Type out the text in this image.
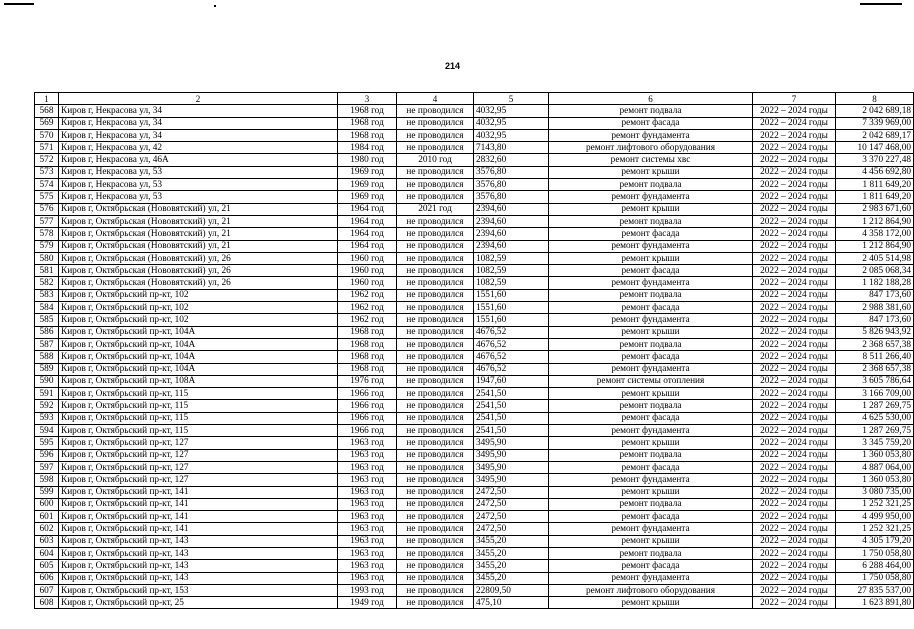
214
1	2	3	4	5	6	7	8
568	Киров г, Некрасова ул, 34	1968 год	не проводился	4032,95	ремонт подвала	2022 – 2024 годы	2 042 689,18
569	Киров г, Некрасова ул, 34	1968 год	не проводился	4032,95	ремонт фасада	2022 – 2024 годы	7 339 969,00
570	Киров г, Некрасова ул, 34	1968 год	не проводился	4032,95	ремонт фундамента	2022 – 2024 годы	2 042 689,17
571	Киров г, Некрасова ул, 42	1984 год	не проводился	7143,80	ремонт лифтового оборудования	2022 – 2024 годы	10 147 468,00
572	Киров г, Некрасова ул, 46А	1980 год	2010 год	2832,60	ремонт системы хвс	2022 – 2024 годы	3 370 227,48
573	Киров г, Некрасова ул, 53	1969 год	не проводился	3576,80	ремонт крыши	2022 – 2024 годы	4 456 692,80
574	Киров г, Некрасова ул, 53	1969 год	не проводился	3576,80	ремонт подвала	2022 – 2024 годы	1 811 649,20
575	Киров г, Некрасова ул, 53	1969 год	не проводился	3576,80	ремонт фундамента	2022 – 2024 годы	1 811 649,20
576	Киров г, Октябрьская (Нововятский) ул, 21	1964 год	2021 год	2394,60	ремонт крыши	2022 – 2024 годы	2 983 671,60
577	Киров г, Октябрьская (Нововятский) ул, 21	1964 год	не проводился	2394,60	ремонт подвала	2022 – 2024 годы	1 212 864,90
578	Киров г, Октябрьская (Нововятский) ул, 21	1964 год	не проводился	2394,60	ремонт фасада	2022 – 2024 годы	4 358 172,00
579	Киров г, Октябрьская (Нововятский) ул, 21	1964 год	не проводился	2394,60	ремонт фундамента	2022 – 2024 годы	1 212 864,90
580	Киров г, Октябрьская (Нововятский) ул, 26	1960 год	не проводился	1082,59	ремонт крыши	2022 – 2024 годы	2 405 514,98
581	Киров г, Октябрьская (Нововятский) ул, 26	1960 год	не проводился	1082,59	ремонт фасада	2022 – 2024 годы	2 085 068,34
582	Киров г, Октябрьская (Нововятский) ул, 26	1960 год	не проводился	1082,59	ремонт фундамента	2022 – 2024 годы	1 182 188,28
583	Киров г, Октябрьский пр-кт, 102	1962 год	не проводился	1551,60	ремонт подвала	2022 – 2024 годы	847 173,60
584	Киров г, Октябрьский пр-кт, 102	1962 год	не проводился	1551,60	ремонт фасада	2022 – 2024 годы	2 988 381,60
585	Киров г, Октябрьский пр-кт, 102	1962 год	не проводился	1551,60	ремонт фундамента	2022 – 2024 годы	847 173,60
586	Киров г, Октябрьский пр-кт, 104А	1968 год	не проводился	4676,52	ремонт крыши	2022 – 2024 годы	5 826 943,92
587	Киров г, Октябрьский пр-кт, 104А	1968 год	не проводился	4676,52	ремонт подвала	2022 – 2024 годы	2 368 657,38
588	Киров г, Октябрьский пр-кт, 104А	1968 год	не проводился	4676,52	ремонт фасада	2022 – 2024 годы	8 511 266,40
589	Киров г, Октябрьский пр-кт, 104А	1968 год	не проводился	4676,52	ремонт фундамента	2022 – 2024 годы	2 368 657,38
590	Киров г, Октябрьский пр-кт, 108А	1976 год	не проводился	1947,60	ремонт системы отопления	2022 – 2024 годы	3 605 786,64
591	Киров г, Октябрьский пр-кт, 115	1966 год	не проводился	2541,50	ремонт крыши	2022 – 2024 годы	3 166 709,00
592	Киров г, Октябрьский пр-кт, 115	1966 год	не проводился	2541,50	ремонт подвала	2022 – 2024 годы	1 287 269,75
593	Киров г, Октябрьский пр-кт, 115	1966 год	не проводился	2541,50	ремонт фасада	2022 – 2024 годы	4 625 530,00
594	Киров г, Октябрьский пр-кт, 115	1966 год	не проводился	2541,50	ремонт фундамента	2022 – 2024 годы	1 287 269,75
595	Киров г, Октябрьский пр-кт, 127	1963 год	не проводился	3495,90	ремонт крыши	2022 – 2024 годы	3 345 759,20
596	Киров г, Октябрьский пр-кт, 127	1963 год	не проводился	3495,90	ремонт подвала	2022 – 2024 годы	1 360 053,80
597	Киров г, Октябрьский пр-кт, 127	1963 год	не проводился	3495,90	ремонт фасада	2022 – 2024 годы	4 887 064,00
598	Киров г, Октябрьский пр-кт, 127	1963 год	не проводился	3495,90	ремонт фундамента	2022 – 2024 годы	1 360 053,80
599	Киров г, Октябрьский пр-кт, 141	1963 год	не проводился	2472,50	ремонт крыши	2022 – 2024 годы	3 080 735,00
600	Киров г, Октябрьский пр-кт, 141	1963 год	не проводился	2472,50	ремонт подвала	2022 – 2024 годы	1 252 321,25
601	Киров г, Октябрьский пр-кт, 141	1963 год	не проводился	2472,50	ремонт фасада	2022 – 2024 годы	4 499 950,00
602	Киров г, Октябрьский пр-кт, 141	1963 год	не проводился	2472,50	ремонт фундамента	2022 – 2024 годы	1 252 321,25
603	Киров г, Октябрьский пр-кт, 143	1963 год	не проводился	3455,20	ремонт крыши	2022 – 2024 годы	4 305 179,20
604	Киров г, Октябрьский пр-кт, 143	1963 год	не проводился	3455,20	ремонт подвала	2022 – 2024 годы	1 750 058,80
605	Киров г, Октябрьский пр-кт, 143	1963 год	не проводился	3455,20	ремонт фасада	2022 – 2024 годы	6 288 464,00
606	Киров г, Октябрьский пр-кт, 143	1963 год	не проводился	3455,20	ремонт фундамента	2022 – 2024 годы	1 750 058,80
607	Киров г, Октябрьский пр-кт, 153	1993 год	не проводился	22809,50	ремонт лифтового оборудования	2022 – 2024 годы	27 835 537,00
608	Киров г, Октябрьский пр-кт, 25	1949 год	не проводился	475,10	ремонт крыши	2022 – 2024 годы	1 623 891,80
